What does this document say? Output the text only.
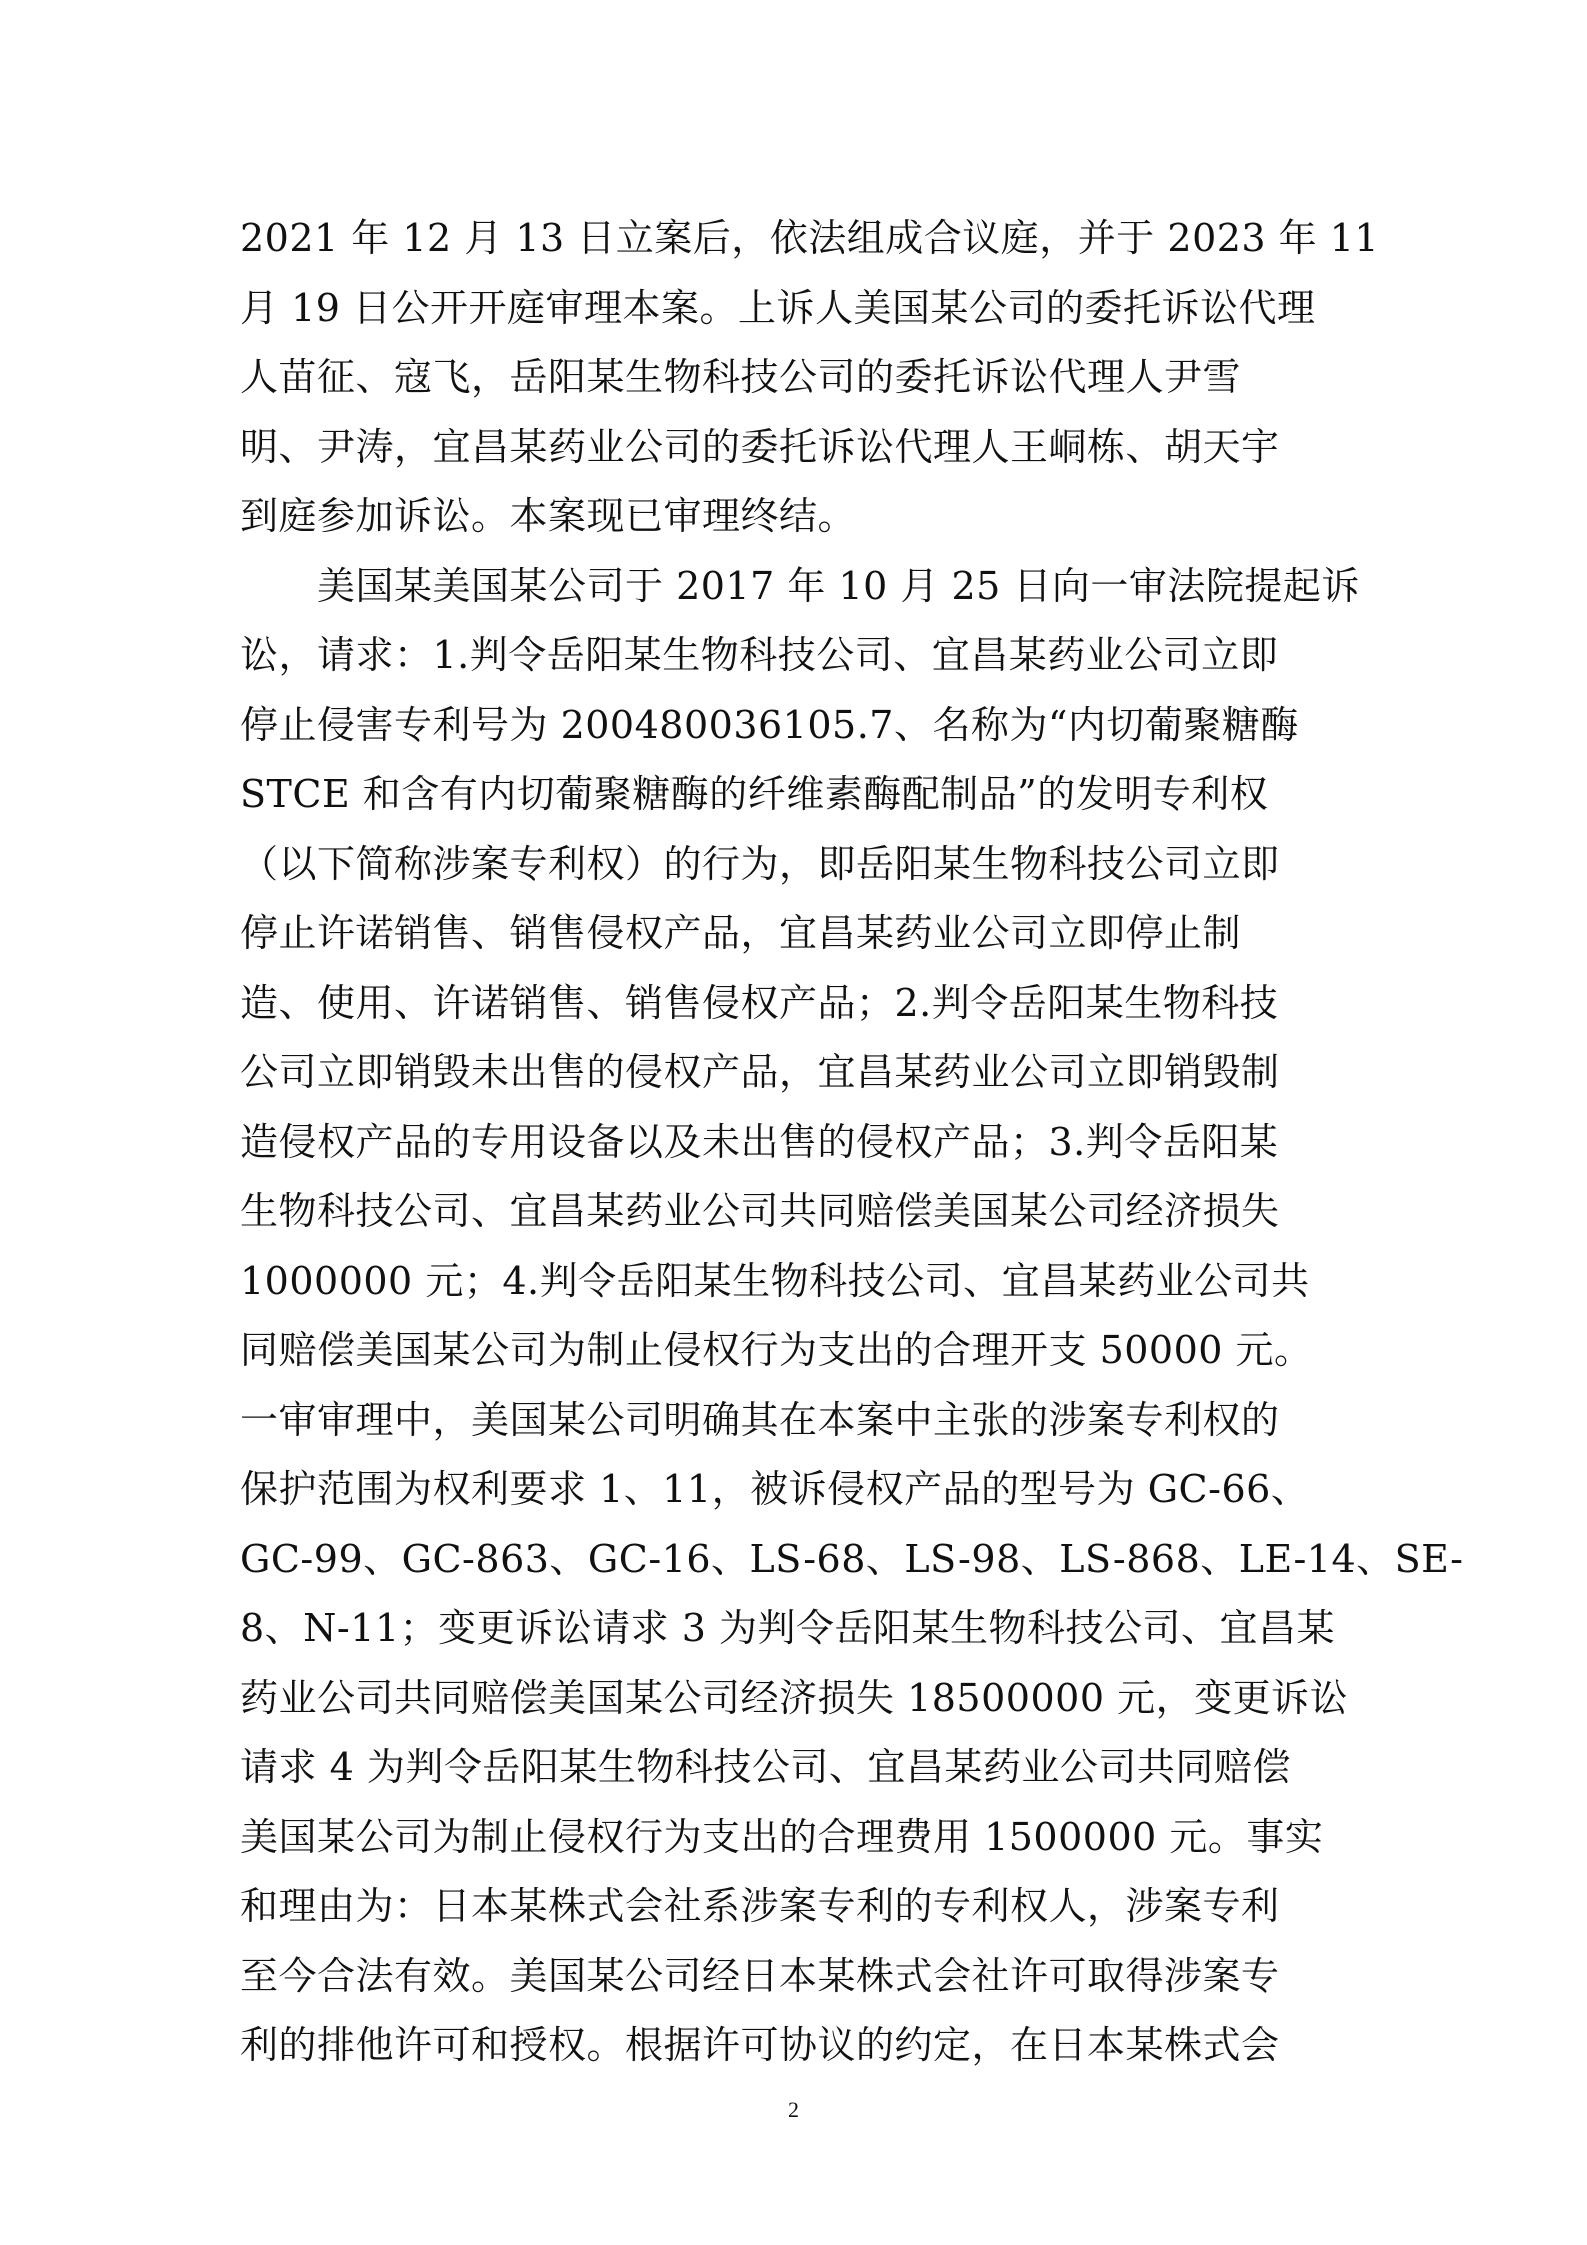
2021 年 12 月 13 日立案后，依法组成合议庭，并于 2023 年 11
月 19 日公开开庭审理本案。上诉人美国某公司的委托诉讼代理
人苗征、寇飞，岳阳某生物科技公司的委托诉讼代理人尹雪
明、尹涛，宜昌某药业公司的委托诉讼代理人王峒栋、胡天宇
到庭参加诉讼。本案现已审理终结。
　　美国某美国某公司于 2017 年 10 月 25 日向一审法院提起诉
讼，请求：1.判令岳阳某生物科技公司、宜昌某药业公司立即
停止侵害专利号为 200480036105.7、名称为“内切葡聚糖酶
STCE 和含有内切葡聚糖酶的纤维素酶配制品”的发明专利权
（以下简称涉案专利权）的行为，即岳阳某生物科技公司立即
停止许诺销售、销售侵权产品，宜昌某药业公司立即停止制
造、使用、许诺销售、销售侵权产品；2.判令岳阳某生物科技
公司立即销毁未出售的侵权产品，宜昌某药业公司立即销毁制
造侵权产品的专用设备以及未出售的侵权产品；3.判令岳阳某
生物科技公司、宜昌某药业公司共同赔偿美国某公司经济损失
1000000 元；4.判令岳阳某生物科技公司、宜昌某药业公司共
同赔偿美国某公司为制止侵权行为支出的合理开支 50000 元。
一审审理中，美国某公司明确其在本案中主张的涉案专利权的
保护范围为权利要求 1、11，被诉侵权产品的型号为 GC-66、
GC-99、GC-863、GC-16、LS-68、LS-98、LS-868、LE-14、SE-
8、N-11；变更诉讼请求 3 为判令岳阳某生物科技公司、宜昌某
药业公司共同赔偿美国某公司经济损失 18500000 元，变更诉讼
请求 4 为判令岳阳某生物科技公司、宜昌某药业公司共同赔偿
美国某公司为制止侵权行为支出的合理费用 1500000 元。事实
和理由为：日本某株式会社系涉案专利的专利权人，涉案专利
至今合法有效。美国某公司经日本某株式会社许可取得涉案专
利的排他许可和授权。根据许可协议的约定，在日本某株式会
2
